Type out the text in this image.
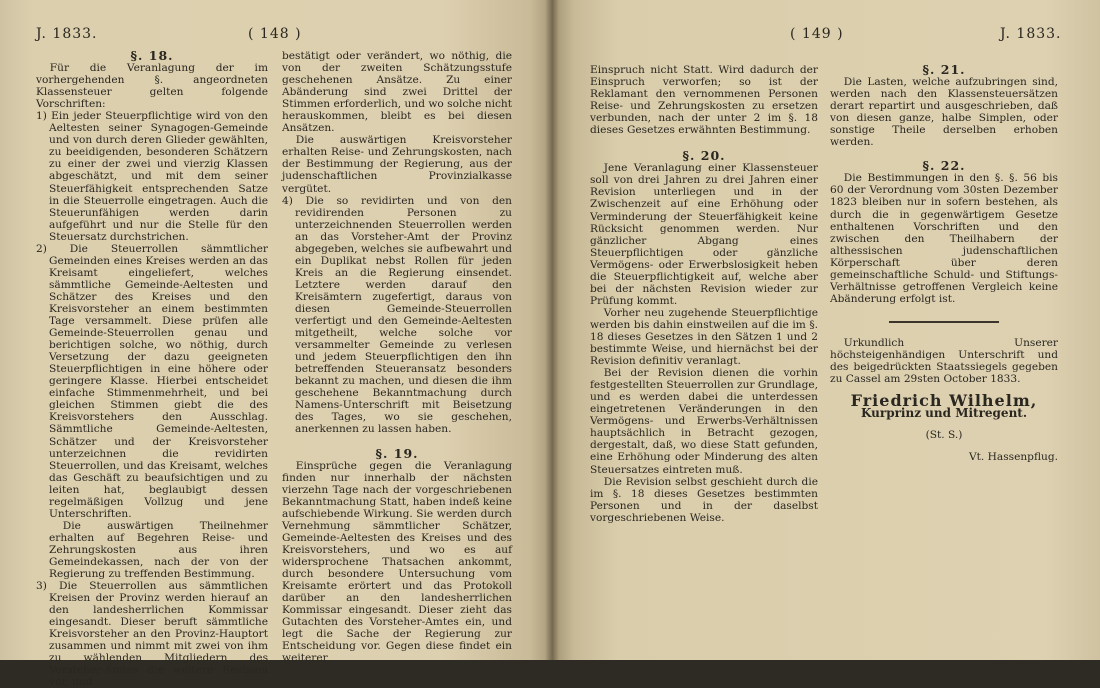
J. 1833.	( 148 )

§. 18.

Für die Veranlagung der im vorhergehenden §. angeordneten Klassensteuer gelten folgende Vorschriften:

1) Ein jeder Steuerpflichtige wird von den Aeltesten seiner Synagogen-Gemeinde und von durch deren Glieder gewählten, zu beeidigenden, besonderen Schätzern zu einer der zwei und vierzig Klassen abgeschätzt, und mit dem seiner Steuerfähigkeit entsprechenden Satze in die Steuerrolle eingetragen. Auch die Steuerunfähigen werden darin aufgeführt und nur die Stelle für den Steuersatz durchstrichen.

2) Die Steuerrollen sämmtlicher Gemeinden eines Kreises werden an das Kreisamt eingeliefert, welches sämmtliche Gemeinde-Aeltesten und Schätzer des Kreises und den Kreisvorsteher an einem bestimmten Tage versammelt. Diese prüfen alle Gemeinde-Steuerrollen genau und berichtigen solche, wo nöthig, durch Versetzung der dazu geeigneten Steuerpflichtigen in eine höhere oder geringere Klasse. Hierbei entscheidet einfache Stimmenmehrheit, und bei gleichen Stimmen giebt die des Kreisvorstehers den Ausschlag. Sämmtliche Gemeinde-Aeltesten, Schätzer und der Kreisvorsteher unterzeichnen die revidirten Steuerrollen, und das Kreisamt, welches das Geschäft zu beaufsichtigen und zu leiten hat, beglaubigt dessen regelmäßigen Vollzug und jene Unterschriften.

Die auswärtigen Theilnehmer erhalten auf Begehren Reise- und Zehrungskosten aus ihren Gemeindekassen, nach der von der Regierung zu treffenden Bestimmung.

3) Die Steuerrollen aus sämmtlichen Kreisen der Provinz werden hierauf an den landesherrlichen Kommissar eingesandt. Dieser beruft sämmtliche Kreisvorsteher an den Provinz-Hauptort zusammen und nimmt mit zwei von ihm zu wählenden Mitgliedern des Vorsteher-Amtes die weitere Revision vor, und

bestätigt oder verändert, wo nöthig, die von der zweiten Schätzungsstufe geschehenen Ansätze. Zu einer Abänderung sind zwei Drittel der Stimmen erforderlich, und wo solche nicht herauskommen, bleibt es bei diesen Ansätzen.

Die auswärtigen Kreisvorsteher erhalten Reise- und Zehrungskosten, nach der Bestimmung der Regierung, aus der judenschaftlichen Provinzialkasse vergütet.

4) Die so revidirten und von den revidirenden Personen zu unterzeichnenden Steuerrollen werden an das Vorsteher-Amt der Provinz abgegeben, welches sie aufbewahrt und ein Duplikat nebst Rollen für jeden Kreis an die Regierung einsendet. Letztere werden darauf den Kreisämtern zugefertigt, daraus von diesen Gemeinde-Steuerrollen verfertigt und den Gemeinde-Aeltesten mitgetheilt, welche solche vor versammelter Gemeinde zu verlesen und jedem Steuerpflichtigen den ihn betreffenden Steueransatz besonders bekannt zu machen, und diesen die ihm geschehene Bekanntmachung durch Namens-Unterschrift mit Beisetzung des Tages, wo sie geschehen, anerkennen zu lassen haben.

§. 19.

Einsprüche gegen die Veranlagung finden nur innerhalb der nächsten vierzehn Tage nach der vorgeschriebenen Bekanntmachung Statt, haben indeß keine aufschiebende Wirkung. Sie werden durch Vernehmung sämmtlicher Schätzer, Gemeinde-Aeltesten des Kreises und des Kreisvorstehers, und wo es auf widersprochene Thatsachen ankommt, durch besondere Untersuchung vom Kreisamte erörtert und das Protokoll darüber an den landesherrlichen Kommissar eingesandt. Dieser zieht das Gutachten des Vorsteher-Amtes ein, und legt die Sache der Regierung zur Entscheidung vor. Gegen diese findet ein weiterer

( 149 )	J. 1833.

Einspruch nicht Statt. Wird dadurch der Einspruch verworfen; so ist der Reklamant den vernommenen Personen Reise- und Zehrungskosten zu ersetzen verbunden, nach der unter 2 im §. 18 dieses Gesetzes erwähnten Bestimmung.

§. 20.

Jene Veranlagung einer Klassensteuer soll von drei Jahren zu drei Jahren einer Revision unterliegen und in der Zwischenzeit auf eine Erhöhung oder Verminderung der Steuerfähigkeit keine Rücksicht genommen werden. Nur gänzlicher Abgang eines Steuerpflichtigen oder gänzliche Vermögens- oder Erwerbslosigkeit heben die Steuerpflichtigkeit auf, welche aber bei der nächsten Revision wieder zur Prüfung kommt.

Vorher neu zugehende Steuerpflichtige werden bis dahin einstweilen auf die im §. 18 dieses Gesetzes in den Sätzen 1 und 2 bestimmte Weise, und hiernächst bei der Revision definitiv veranlagt.

Bei der Revision dienen die vorhin festgestellten Steuerrollen zur Grundlage, und es werden dabei die unterdessen eingetretenen Veränderungen in den Vermögens- und Erwerbs-Verhältnissen hauptsächlich in Betracht gezogen, dergestalt, daß, wo diese Statt gefunden, eine Erhöhung oder Minderung des alten Steuersatzes eintreten muß.

Die Revision selbst geschieht durch die im §. 18 dieses Gesetzes bestimmten Personen und in der daselbst vorgeschriebenen Weise.

§. 21.

Die Lasten, welche aufzubringen sind, werden nach den Klassensteuersätzen derart repartirt und ausgeschrieben, daß von diesen ganze, halbe Simplen, oder sonstige Theile derselben erhoben werden.

§. 22.

Die Bestimmungen in den §. §. 56 bis 60 der Verordnung vom 30sten Dezember 1823 bleiben nur in sofern bestehen, als durch die in gegenwärtigem Gesetze enthaltenen Vorschriften und den zwischen den Theilhabern der althessischen judenschaftlichen Körperschaft über deren gemeinschaftliche Schuld- und Stiftungs-Verhältnisse getroffenen Vergleich keine Abänderung erfolgt ist.

Urkundlich Unserer höchsteigenhändigen Unterschrift und des beigedrückten Staatssiegels gegeben zu Cassel am 29sten October 1833.

Friedrich Wilhelm,

Kurprinz und Mitregent.

(St. S.)

Vt. Hassenpflug.
